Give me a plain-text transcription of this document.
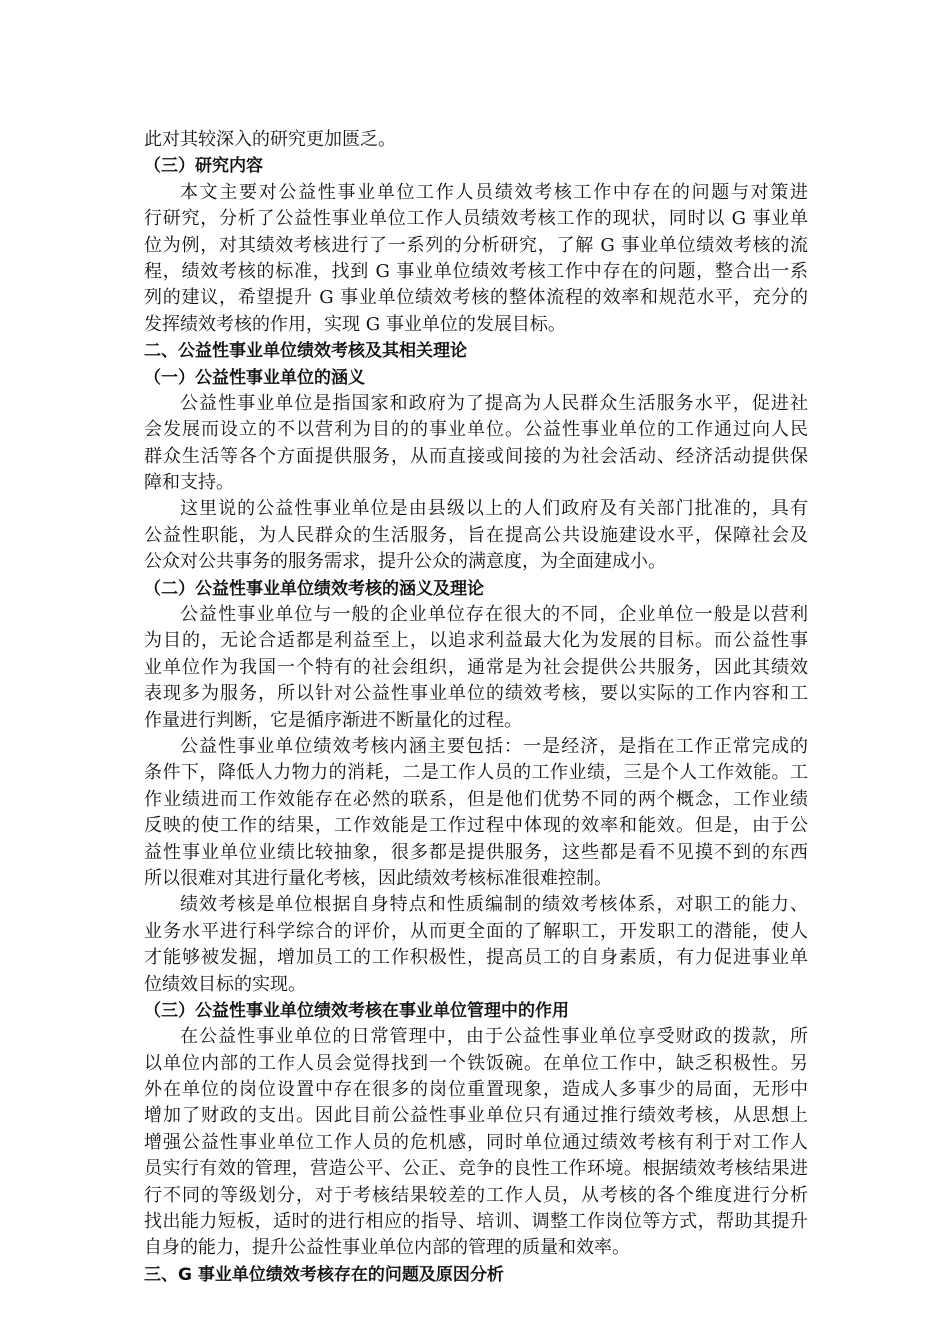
此对其较深入的研究更加匮乏。
（三）研究内容
本文主要对公益性事业单位工作人员绩效考核工作中存在的问题与对策进
行研究，分析了公益性事业单位工作人员绩效考核工作的现状，同时以 G 事业单
位为例，对其绩效考核进行了一系列的分析研究，了解 G 事业单位绩效考核的流
程，绩效考核的标准，找到 G 事业单位绩效考核工作中存在的问题，整合出一系
列的建议，希望提升 G 事业单位绩效考核的整体流程的效率和规范水平，充分的
发挥绩效考核的作用，实现 G 事业单位的发展目标。
二、公益性事业单位绩效考核及其相关理论
（一）公益性事业单位的涵义
公益性事业单位是指国家和政府为了提高为人民群众生活服务水平，促进社
会发展而设立的不以营利为目的的事业单位。公益性事业单位的工作通过向人民
群众生活等各个方面提供服务，从而直接或间接的为社会活动、经济活动提供保
障和支持。
这里说的公益性事业单位是由县级以上的人们政府及有关部门批准的，具有
公益性职能，为人民群众的生活服务，旨在提高公共设施建设水平，保障社会及
公众对公共事务的服务需求，提升公众的满意度，为全面建成小。
（二）公益性事业单位绩效考核的涵义及理论
公益性事业单位与一般的企业单位存在很大的不同，企业单位一般是以营利
为目的，无论合适都是利益至上，以追求利益最大化为发展的目标。而公益性事
业单位作为我国一个特有的社会组织，通常是为社会提供公共服务，因此其绩效
表现多为服务，所以针对公益性事业单位的绩效考核，要以实际的工作内容和工
作量进行判断，它是循序渐进不断量化的过程。
公益性事业单位绩效考核内涵主要包括：一是经济，是指在工作正常完成的
条件下，降低人力物力的消耗，二是工作人员的工作业绩，三是个人工作效能。工
作业绩进而工作效能存在必然的联系，但是他们优势不同的两个概念，工作业绩
反映的使工作的结果，工作效能是工作过程中体现的效率和能效。但是，由于公
益性事业单位业绩比较抽象，很多都是提供服务，这些都是看不见摸不到的东西
所以很难对其进行量化考核，因此绩效考核标准很难控制。
绩效考核是单位根据自身特点和性质编制的绩效考核体系，对职工的能力、
业务水平进行科学综合的评价，从而更全面的了解职工，开发职工的潜能，使人
才能够被发掘，增加员工的工作积极性，提高员工的自身素质，有力促进事业单
位绩效目标的实现。
（三）公益性事业单位绩效考核在事业单位管理中的作用
在公益性事业单位的日常管理中，由于公益性事业单位享受财政的拨款，所
以单位内部的工作人员会觉得找到一个铁饭碗。在单位工作中，缺乏积极性。另
外在单位的岗位设置中存在很多的岗位重置现象，造成人多事少的局面，无形中
增加了财政的支出。因此目前公益性事业单位只有通过推行绩效考核，从思想上
增强公益性事业单位工作人员的危机感，同时单位通过绩效考核有利于对工作人
员实行有效的管理，营造公平、公正、竞争的良性工作环境。根据绩效考核结果进
行不同的等级划分，对于考核结果较差的工作人员，从考核的各个维度进行分析
找出能力短板，适时的进行相应的指导、培训、调整工作岗位等方式，帮助其提升
自身的能力，提升公益性事业单位内部的管理的质量和效率。
三、G 事业单位绩效考核存在的问题及原因分析
